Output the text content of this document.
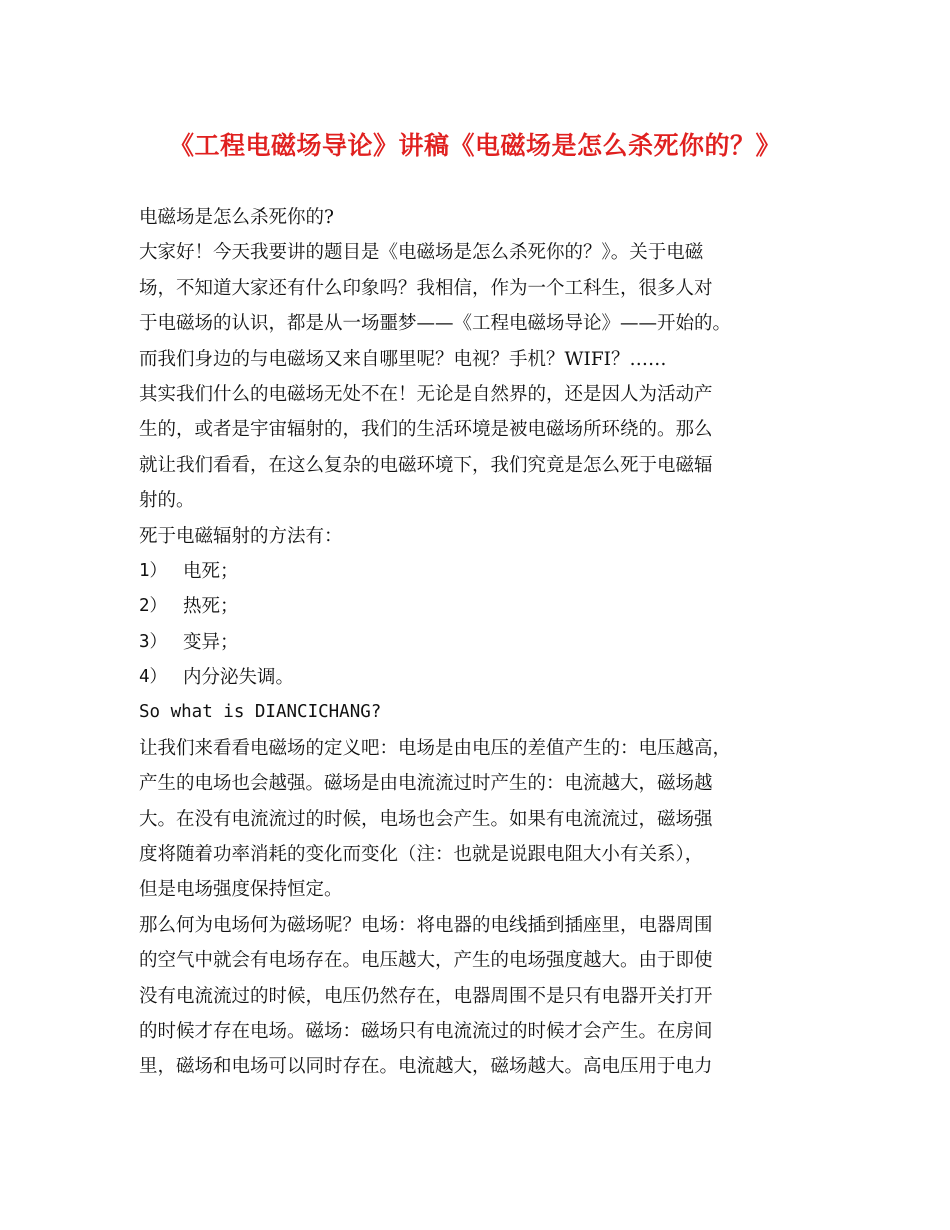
《工程电磁场导论》讲稿《电磁场是怎么杀死你的？》
电磁场是怎么杀死你的?
大家好！今天我要讲的题目是《电磁场是怎么杀死你的？》。关于电磁
场，不知道大家还有什么印象吗？我相信，作为一个工科生，很多人对
于电磁场的认识，都是从一场噩梦——《工程电磁场导论》——开始的。
而我们身边的与电磁场又来自哪里呢？电视？手机？WIFI？……
其实我们什么的电磁场无处不在！无论是自然界的，还是因人为活动产
生的，或者是宇宙辐射的，我们的生活环境是被电磁场所环绕的。那么
就让我们看看，在这么复杂的电磁环境下，我们究竟是怎么死于电磁辐
射的。
死于电磁辐射的方法有：
1） 电死；
2） 热死；
3） 变异；
4） 内分泌失调。
So what is DIANCICHANG?
让我们来看看电磁场的定义吧：电场是由电压的差值产生的：电压越高，
产生的电场也会越强。磁场是由电流流过时产生的：电流越大，磁场越
大。在没有电流流过的时候，电场也会产生。如果有电流流过，磁场强
度将随着功率消耗的变化而变化（注：也就是说跟电阻大小有关系），
但是电场强度保持恒定。
那么何为电场何为磁场呢？电场：将电器的电线插到插座里，电器周围
的空气中就会有电场存在。电压越大，产生的电场强度越大。由于即使
没有电流流过的时候，电压仍然存在，电器周围不是只有电器开关打开
的时候才存在电场。磁场：磁场只有电流流过的时候才会产生。在房间
里，磁场和电场可以同时存在。电流越大，磁场越大。高电压用于电力
